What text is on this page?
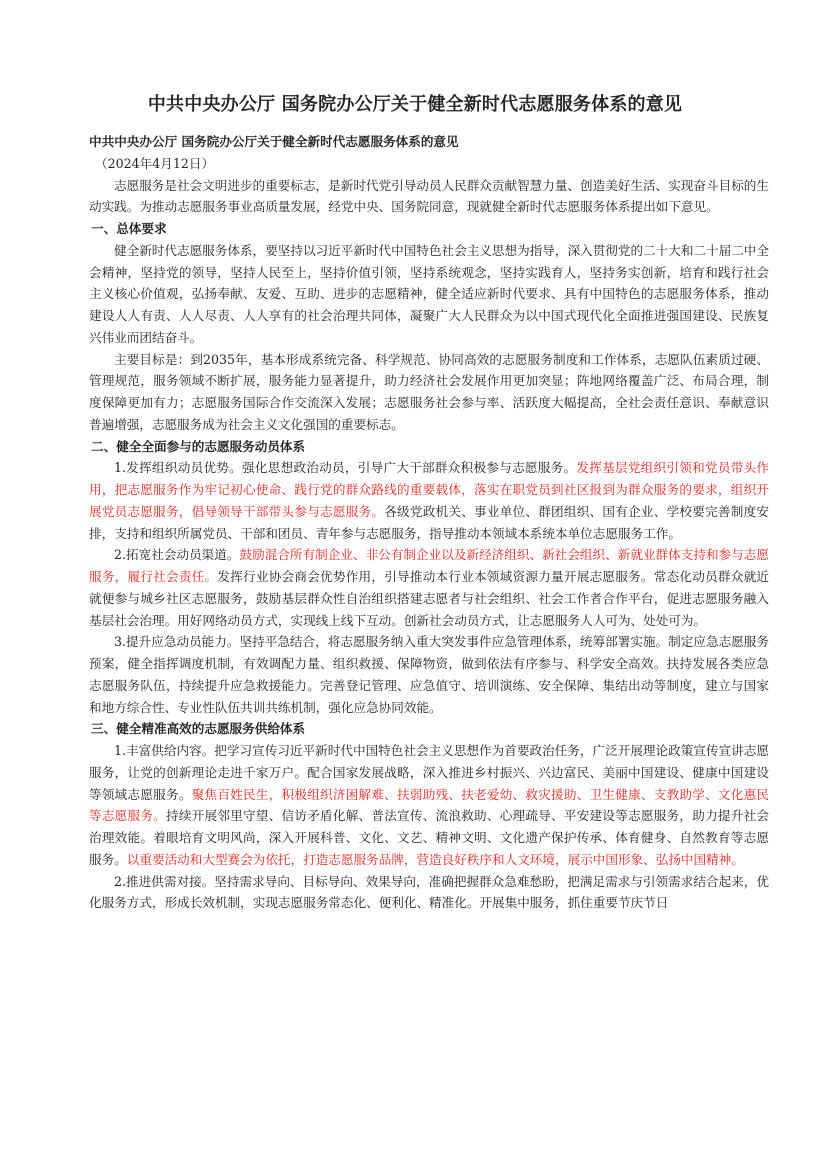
中共中央办公厅 国务院办公厅关于健全新时代志愿服务体系的意见
中共中央办公厅 国务院办公厅关于健全新时代志愿服务体系的意见
（2024年4月12日）

志愿服务是社会文明进步的重要标志，是新时代党引导动员人民群众贡献智慧力量、创造美好生活、实现奋斗目标的生动实践。为推动志愿服务事业高质量发展，经党中央、国务院同意，现就健全新时代志愿服务体系提出如下意见。

一、总体要求

健全新时代志愿服务体系，要坚持以习近平新时代中国特色社会主义思想为指导，深入贯彻党的二十大和二十届二中全会精神，坚持党的领导，坚持人民至上，坚持价值引领，坚持系统观念，坚持实践育人，坚持务实创新，培育和践行社会主义核心价值观，弘扬奉献、友爱、互助、进步的志愿精神，健全适应新时代要求、具有中国特色的志愿服务体系，推动建设人人有责、人人尽责、人人享有的社会治理共同体，凝聚广大人民群众为以中国式现代化全面推进强国建设、民族复兴伟业而团结奋斗。

主要目标是：到2035年，基本形成系统完备、科学规范、协同高效的志愿服务制度和工作体系，志愿队伍素质过硬、管理规范，服务领域不断扩展，服务能力显著提升，助力经济社会发展作用更加突显；阵地网络覆盖广泛、布局合理，制度保障更加有力；志愿服务国际合作交流深入发展；志愿服务社会参与率、活跃度大幅提高，全社会责任意识、奉献意识普遍增强，志愿服务成为社会主义文化强国的重要标志。

二、健全全面参与的志愿服务动员体系

1.发挥组织动员优势。强化思想政治动员，引导广大干部群众积极参与志愿服务。发挥基层党组织引领和党员带头作用，把志愿服务作为牢记初心使命、践行党的群众路线的重要载体，落实在职党员到社区报到为群众服务的要求，组织开展党员志愿服务，倡导领导干部带头参与志愿服务。各级党政机关、事业单位、群团组织、国有企业、学校要完善制度安排，支持和组织所属党员、干部和团员、青年参与志愿服务，指导推动本领域本系统本单位志愿服务工作。

2.拓宽社会动员渠道。鼓励混合所有制企业、非公有制企业以及新经济组织、新社会组织、新就业群体支持和参与志愿服务，履行社会责任。发挥行业协会商会优势作用，引导推动本行业本领域资源力量开展志愿服务。常态化动员群众就近就便参与城乡社区志愿服务，鼓励基层群众性自治组织搭建志愿者与社会组织、社会工作者合作平台，促进志愿服务融入基层社会治理。用好网络动员方式，实现线上线下互动。创新社会动员方式，让志愿服务人人可为、处处可为。

3.提升应急动员能力。坚持平急结合，将志愿服务纳入重大突发事件应急管理体系，统筹部署实施。制定应急志愿服务预案，健全指挥调度机制，有效调配力量、组织救援、保障物资，做到依法有序参与、科学安全高效。扶持发展各类应急志愿服务队伍，持续提升应急救援能力。完善登记管理、应急值守、培训演练、安全保障、集结出动等制度，建立与国家和地方综合性、专业性队伍共训共练机制，强化应急协同效能。

三、健全精准高效的志愿服务供给体系

1.丰富供给内容。把学习宣传习近平新时代中国特色社会主义思想作为首要政治任务，广泛开展理论政策宣传宣讲志愿服务，让党的创新理论走进千家万户。配合国家发展战略，深入推进乡村振兴、兴边富民、美丽中国建设、健康中国建设等领域志愿服务。聚焦百姓民生，积极组织济困解难、扶弱助残、扶老爱幼、救灾援助、卫生健康、支教助学、文化惠民等志愿服务。持续开展邻里守望、信访矛盾化解、普法宣传、流浪救助、心理疏导、平安建设等志愿服务，助力提升社会治理效能。着眼培育文明风尚，深入开展科普、文化、文艺、精神文明、文化遗产保护传承、体育健身、自然教育等志愿服务。以重要活动和大型赛会为依托，打造志愿服务品牌，营造良好秩序和人文环境，展示中国形象、弘扬中国精神。

2.推进供需对接。坚持需求导向、目标导向、效果导向，准确把握群众急难愁盼，把满足需求与引领需求结合起来，优化服务方式，形成长效机制，实现志愿服务常态化、便利化、精准化。开展集中服务，抓住重要节庆节日
